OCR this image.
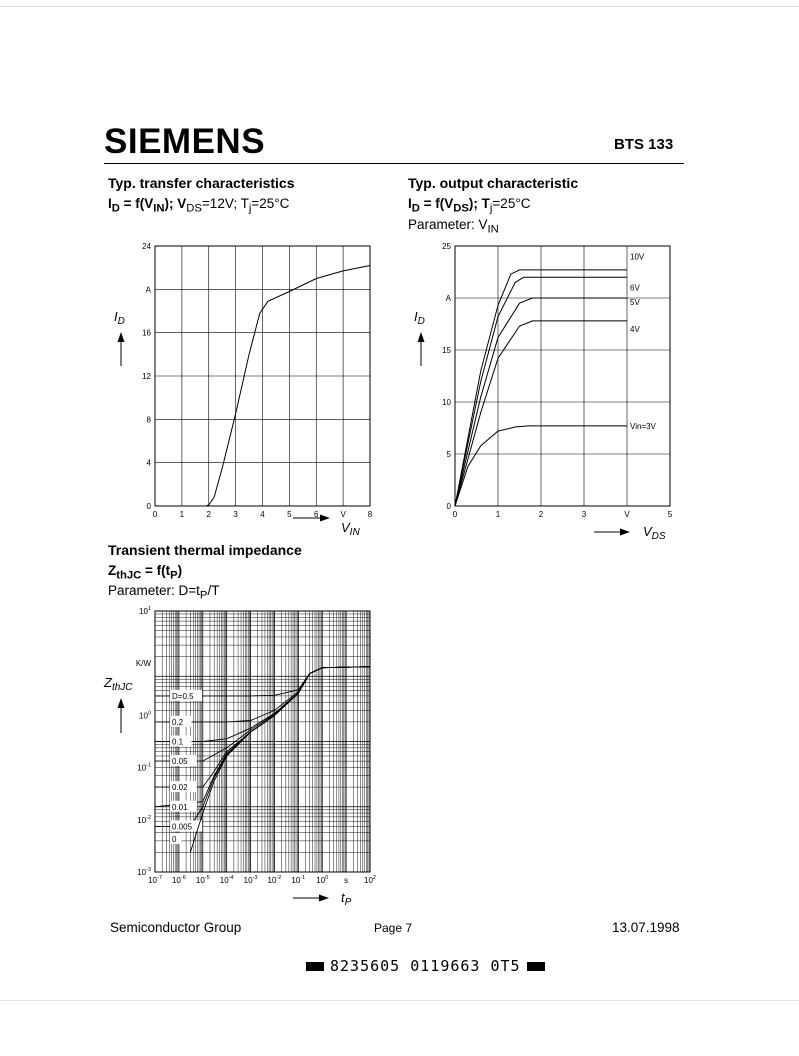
SIEMENS	BTS 133
Typ. transfer characteristics
$I_D = f(V_{IN})$; $V_{DS}=12V$; $T_j=25^\circ C$
Typ. output characteristic
$I_D = f(V_{DS})$; $T_j=25^\circ C$
Parameter: $V_{IN}$
Transient thermal impedance
$Z_{thJC} = f(t_P)$
Parameter: $D=t_P/T$
0	1	2	3	4	5	6	V	8
0
4
8
12
16
A
24
$I_D$
$V_{IN}$
0	1	2	3	V	5
0
5
10
15
A
25
10V
6V
5V
4V
Vin=3V
$I_D$
$V_{DS}$
$10^{-7}$ $10^{-6}$ $10^{-5}$ $10^{-4}$ $10^{-3}$ $10^{-2}$ $10^{-1}$ $10^0$ s $10^2$
$10^{-3}$
$10^{-2}$
$10^{-1}$
$10^0$
K/W
$10^1$
D=0.5
0.2
0.1
0.05
0.02
0.01
0.005
0
$Z_{thJC}$
$t_P$
Semiconductor Group	Page 7	13.07.1998
8235605 0119663 0T5
